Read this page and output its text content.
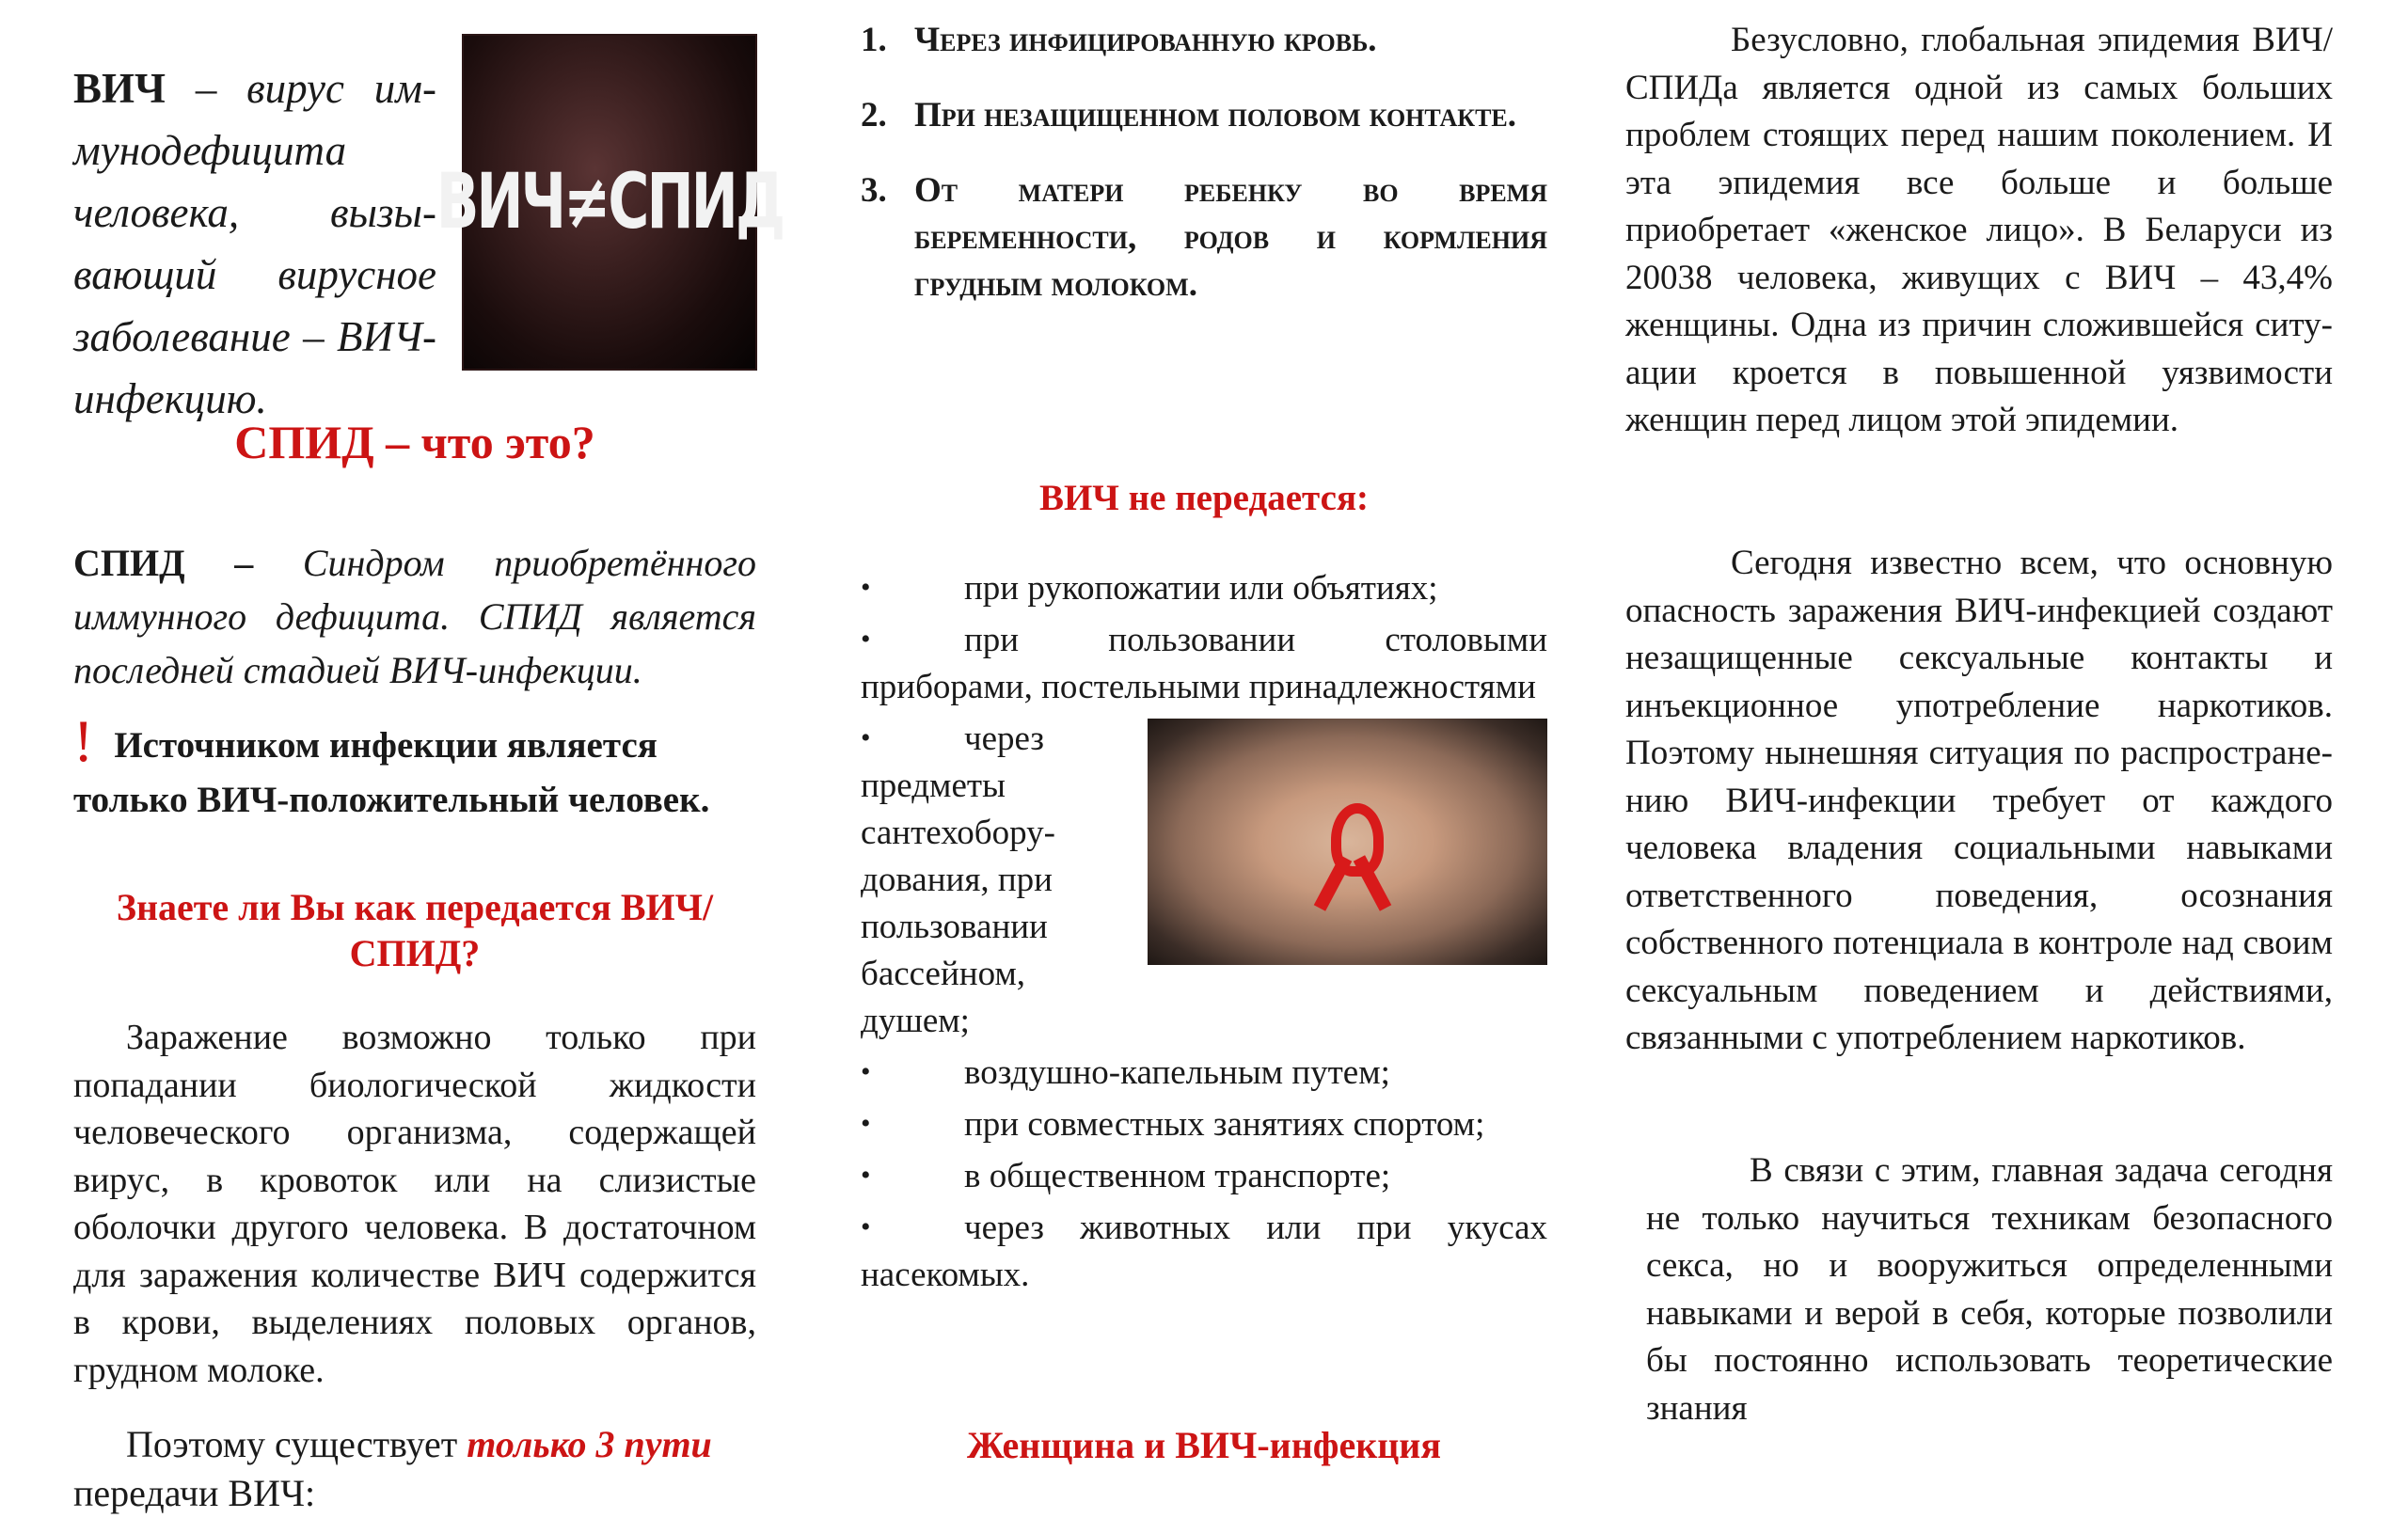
ВИЧ – вирус иммунодефицита человека, вызывающий вирусное заболевание – ВИЧ-инфекцию.

ВИЧ≠СПИД
СПИД – что это?

СПИД – Синдром приобретённого иммунного дефицита. СПИД является последней стадией ВИЧ-инфекции.

! Источником инфекции является только ВИЧ-положительный человек.

Знаете ли Вы как передается ВИЧ/СПИД?

Заражение возможно только при попадании биологической жидкости человеческого организма, содержащей вирус, в кровоток или на слизистые оболочки другого человека. В достаточном для заражения количестве ВИЧ содержится в крови, выделениях половых органов, грудном молоке.

Поэтому существует только 3 пути передачи ВИЧ:

1. Через инфицированную кровь.
2. При незащищенном половом контакте.
3. От матери ребенку во время беременности, родов и кормления грудным молоком.
ВИЧ не передается:

•	при рукопожатии или объятиях;

•	при пользовании столовыми приборами, постельными принадлежностями

•	через предметы сантехоборудования, при пользовании бассейном, душем;

•	воздушно-капельным путем;

•	при совместных занятиях спортом;

•	в общественном транспорте;

•	через животных или при укусах насекомых.

Женщина и ВИЧ-инфекция

Безусловно, глобальная эпидемия ВИЧ/СПИДа является одной из самых больших проблем стоящих перед нашим поколением. И эта эпидемия все больше и больше приобретает «женское лицо». В Беларуси из 20038 человека, живущих с ВИЧ – 43,4% женщины. Одна из причин сложившейся ситуации кроется в повышенной уязвимости женщин перед лицом этой эпидемии.

Сегодня известно всем, что основную опасность заражения ВИЧ-инфекцией создают незащищенные сексуальные контакты и инъекционное употребление наркотиков. Поэтому нынешняя ситуация по распространению ВИЧ-инфекции требует от каждого человека владения социальными навыками ответственного поведения, осознания собственного потенциала в контроле над своим сексуальным поведением и действиями, связанными с употреблением наркотиков.

В связи с этим, главная задача сегодня не только научиться техникам безопасного секса, но и вооружиться определенными навыками и верой в себя, которые позволили бы постоянно использовать теоретические знания
